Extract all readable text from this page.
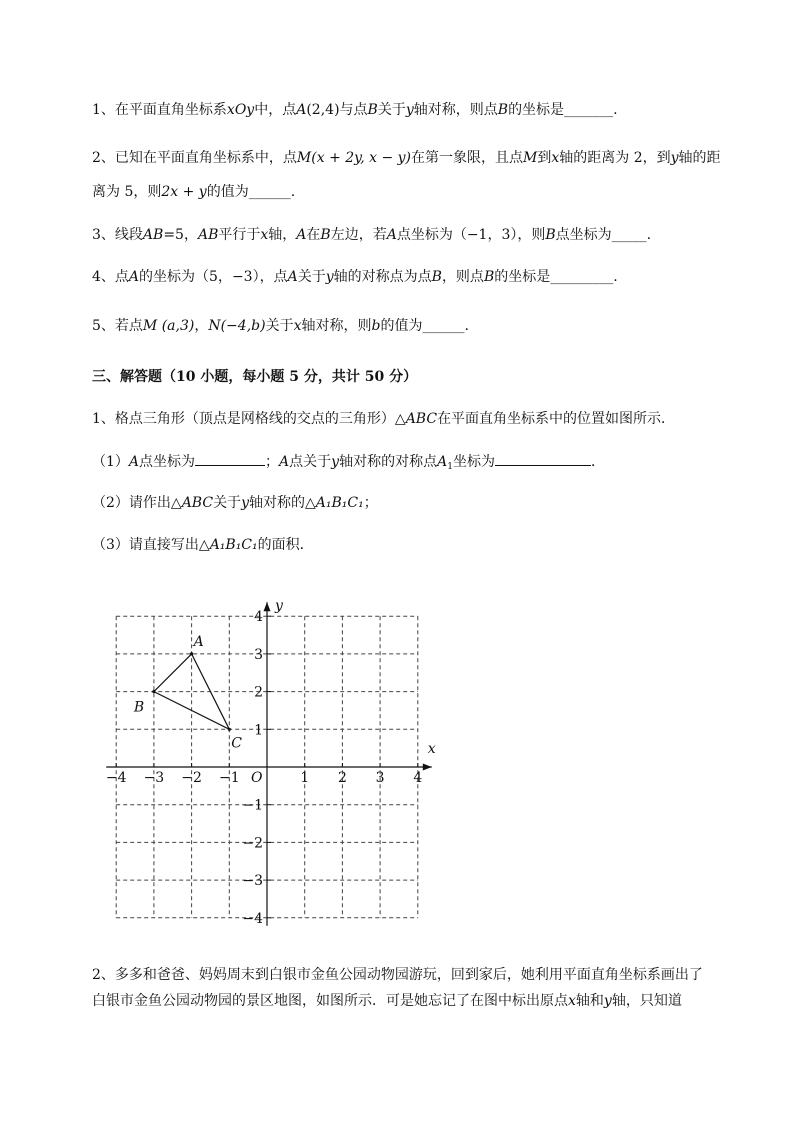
1、在平面直角坐标系xOy中，点A(2,4)与点B关于y轴对称，则点B的坐标是_______.
2、已知在平面直角坐标系中，点M(x + 2y, x − y)在第一象限，且点M到x轴的距离为 2，到y轴的距
离为 5，则2x + y的值为______.
3、线段AB=5，AB平行于x轴，A在B左边，若A点坐标为（−1，3），则B点坐标为_____.
4、点A的坐标为（5，−3），点A关于y轴的对称点为点B，则点B的坐标是_________.
5、若点M (a,3)，N(−4,b)关于x轴对称，则b的值为______.
三、解答题（10 小题，每小题 5 分，共计 50 分）
1、格点三角形（顶点是网格线的交点的三角形）△ABC在平面直角坐标系中的位置如图所示．
（1）A点坐标为	；A点关于y轴对称的对称点$A_1$坐标为	．
（2）请作出△ABC关于y轴对称的△A₁B₁C₁；
（3）请直接写出△A₁B₁C₁的面积．
x
y
O
−4 −3 −2 −1	1 2 3 4
4
3
2
1
−1
−2
−3
−4
A
B
C
2、多多和爸爸、妈妈周末到白银市金鱼公园动物园游玩，回到家后，她利用平面直角坐标系画出了
白银市金鱼公园动物园的景区地图，如图所示．可是她忘记了在图中标出原点x轴和y轴，只知道
